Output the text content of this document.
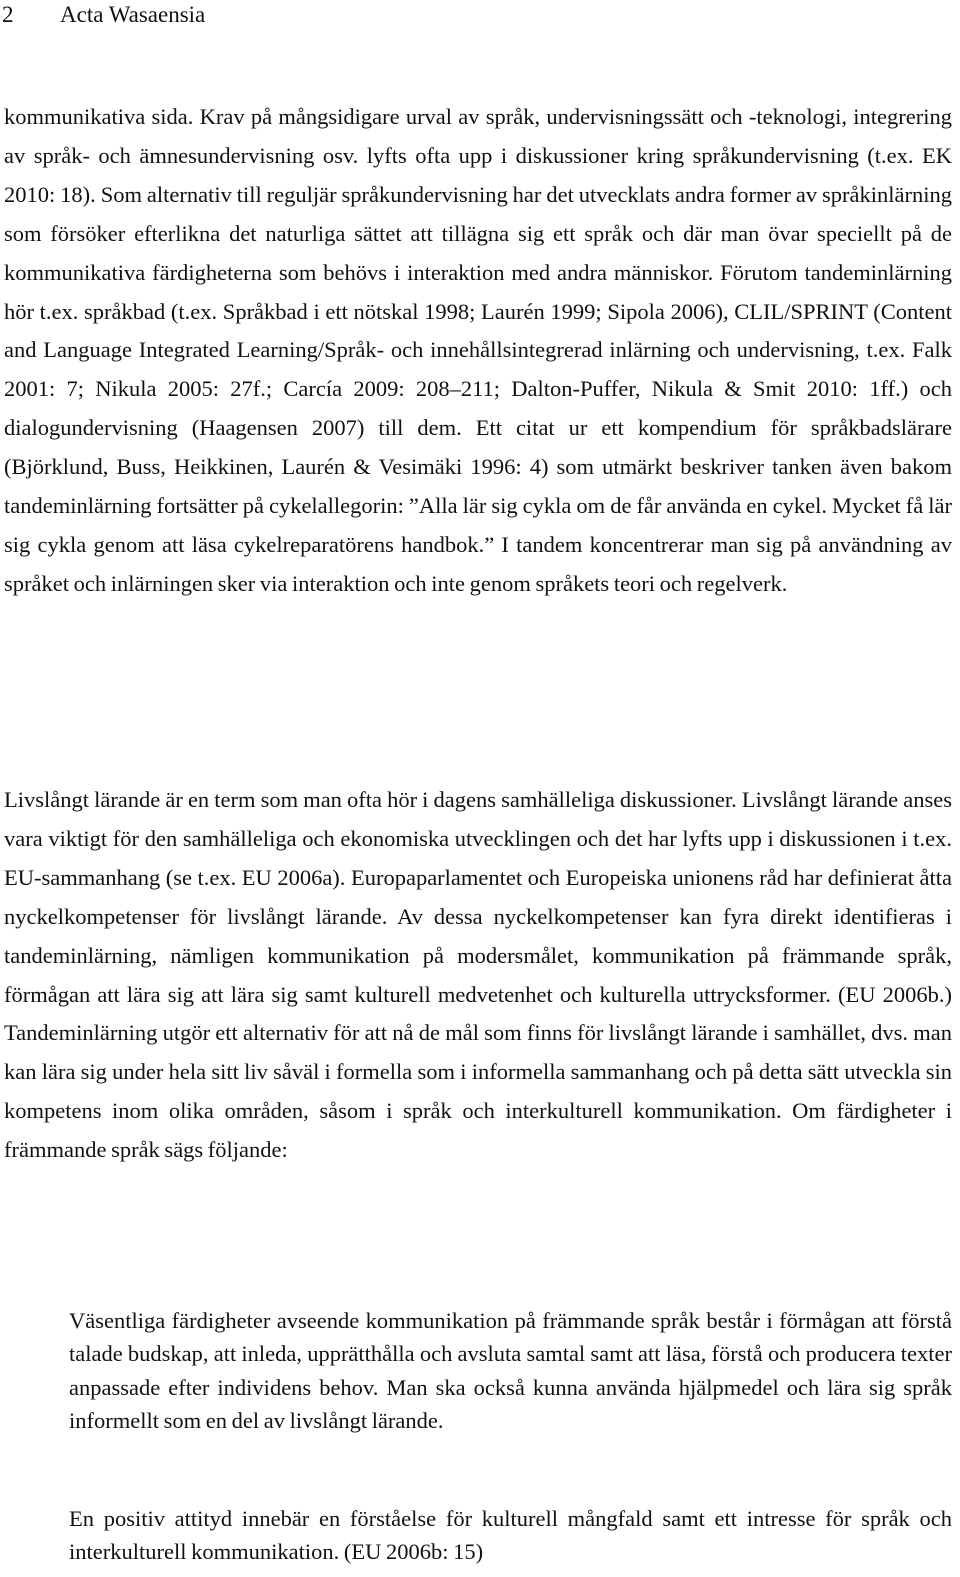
2 Acta Wasaensia

kommunikativa sida. Krav på mångsidigare urval av språk, undervisningssätt och -teknologi, integrering av språk- och ämnesundervisning osv. lyfts ofta upp i diskussioner kring språkundervisning (t.ex. EK 2010: 18). Som alternativ till reguljär språkundervisning har det utvecklats andra former av språkinlärning som försöker efterlikna det naturliga sättet att tillägna sig ett språk och där man övar speciellt på de kommunikativa färdigheterna som behövs i interaktion med andra människor. Förutom tandeminlärning hör t.ex. språkbad (t.ex. Språkbad i ett nötskal 1998; Laurén 1999; Sipola 2006), CLIL/SPRINT (Content and Language Integrated Learning/Språk- och innehållsintegrerad inlärning och undervisning, t.ex. Falk 2001: 7; Nikula 2005: 27f.; Carcía 2009: 208–211; Dalton-Puffer, Nikula & Smit 2010: 1ff.) och dialogundervisning (Haagensen 2007) till dem. Ett citat ur ett kompendium för språkbadslärare (Björklund, Buss, Heikkinen, Laurén & Vesimäki 1996: 4) som utmärkt beskriver tanken även bakom tandeminlärning fortsätter på cykelallegorin: ”Alla lär sig cykla om de får använda en cykel. Mycket få lär sig cykla genom att läsa cykelreparatörens handbok.” I tandem koncentrerar man sig på användning av språket och inlärningen sker via interaktion och inte genom språkets teori och regelverk.

Livslångt lärande är en term som man ofta hör i dagens samhälleliga diskussioner. Livslångt lärande anses vara viktigt för den samhälleliga och ekonomiska utvecklingen och det har lyfts upp i diskussionen i t.ex. EU-sammanhang (se t.ex. EU 2006a). Europaparlamentet och Europeiska unionens råd har definierat åtta nyckelkompetenser för livslångt lärande. Av dessa nyckelkompetenser kan fyra direkt identifieras i tandeminlärning, nämligen kommunikation på modersmålet, kommunikation på främmande språk, förmågan att lära sig att lära sig samt kulturell medvetenhet och kulturella uttrycksformer. (EU 2006b.) Tandeminlärning utgör ett alternativ för att nå de mål som finns för livslångt lärande i samhället, dvs. man kan lära sig under hela sitt liv såväl i formella som i informella sammanhang och på detta sätt utveckla sin kompetens inom olika områden, såsom i språk och interkulturell kommunikation. Om färdigheter i främmande språk sägs följande:

Väsentliga färdigheter avseende kommunikation på främmande språk består i förmågan att förstå talade budskap, att inleda, upprätthålla och avsluta samtal samt att läsa, förstå och producera texter anpassade efter individens behov. Man ska också kunna använda hjälpmedel och lära sig språk informellt som en del av livslångt lärande.

En positiv attityd innebär en förståelse för kulturell mångfald samt ett intresse för språk och interkulturell kommunikation. (EU 2006b: 15)
